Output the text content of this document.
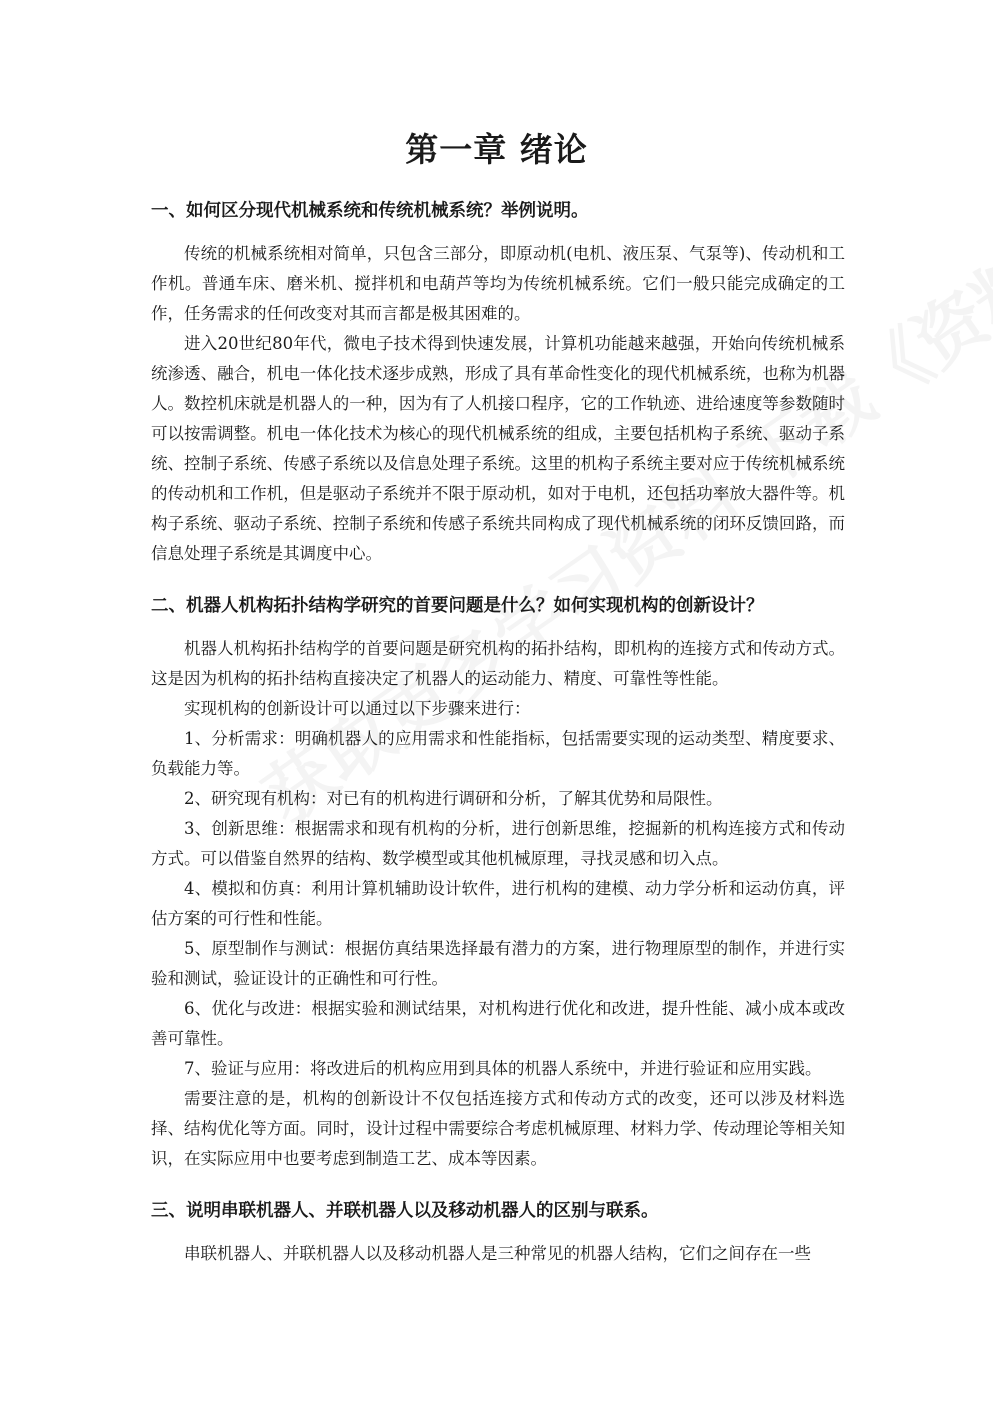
第一章 绪论
一、如何区分现代机械系统和传统机械系统？举例说明。

传统的机械系统相对简单，只包含三部分，即原动机(电机、液压泵、气泵等)、传动机和工作机。普通车床、磨米机、搅拌机和电葫芦等均为传统机械系统。它们一般只能完成确定的工作，任务需求的任何改变对其而言都是极其困难的。

进入20世纪80年代，微电子技术得到快速发展，计算机功能越来越强，开始向传统机械系统渗透、融合，机电一体化技术逐步成熟，形成了具有革命性变化的现代机械系统，也称为机器人。数控机床就是机器人的一种，因为有了人机接口程序，它的工作轨迹、进给速度等参数随时可以按需调整。机电一体化技术为核心的现代机械系统的组成，主要包括机构子系统、驱动子系统、控制子系统、传感子系统以及信息处理子系统。这里的机构子系统主要对应于传统机械系统的传动机和工作机，但是驱动子系统并不限于原动机，如对于电机，还包括功率放大器件等。机构子系统、驱动子系统、控制子系统和传感子系统共同构成了现代机械系统的闭环反馈回路，而信息处理子系统是其调度中心。

二、机器人机构拓扑结构学研究的首要问题是什么？如何实现机构的创新设计？

机器人机构拓扑结构学的首要问题是研究机构的拓扑结构，即机构的连接方式和传动方式。这是因为机构的拓扑结构直接决定了机器人的运动能力、精度、可靠性等性能。

实现机构的创新设计可以通过以下步骤来进行：

1、分析需求：明确机器人的应用需求和性能指标，包括需要实现的运动类型、精度要求、负载能力等。

2、研究现有机构：对已有的机构进行调研和分析，了解其优势和局限性。

3、创新思维：根据需求和现有机构的分析，进行创新思维，挖掘新的机构连接方式和传动方式。可以借鉴自然界的结构、数学模型或其他机械原理，寻找灵感和切入点。

4、模拟和仿真：利用计算机辅助设计软件，进行机构的建模、动力学分析和运动仿真，评估方案的可行性和性能。

5、原型制作与测试：根据仿真结果选择最有潜力的方案，进行物理原型的制作，并进行实验和测试，验证设计的正确性和可行性。

6、优化与改进：根据实验和测试结果，对机构进行优化和改进，提升性能、减小成本或改善可靠性。

7、验证与应用：将改进后的机构应用到具体的机器人系统中，并进行验证和应用实践。

需要注意的是，机构的创新设计不仅包括连接方式和传动方式的改变，还可以涉及材料选择、结构优化等方面。同时，设计过程中需要综合考虑机械原理、材料力学、传动理论等相关知识，在实际应用中也要考虑到制造工艺、成本等因素。

三、说明串联机器人、并联机器人以及移动机器人的区别与联系。

串联机器人、并联机器人以及移动机器人是三种常见的机器人结构，它们之间存在一些
